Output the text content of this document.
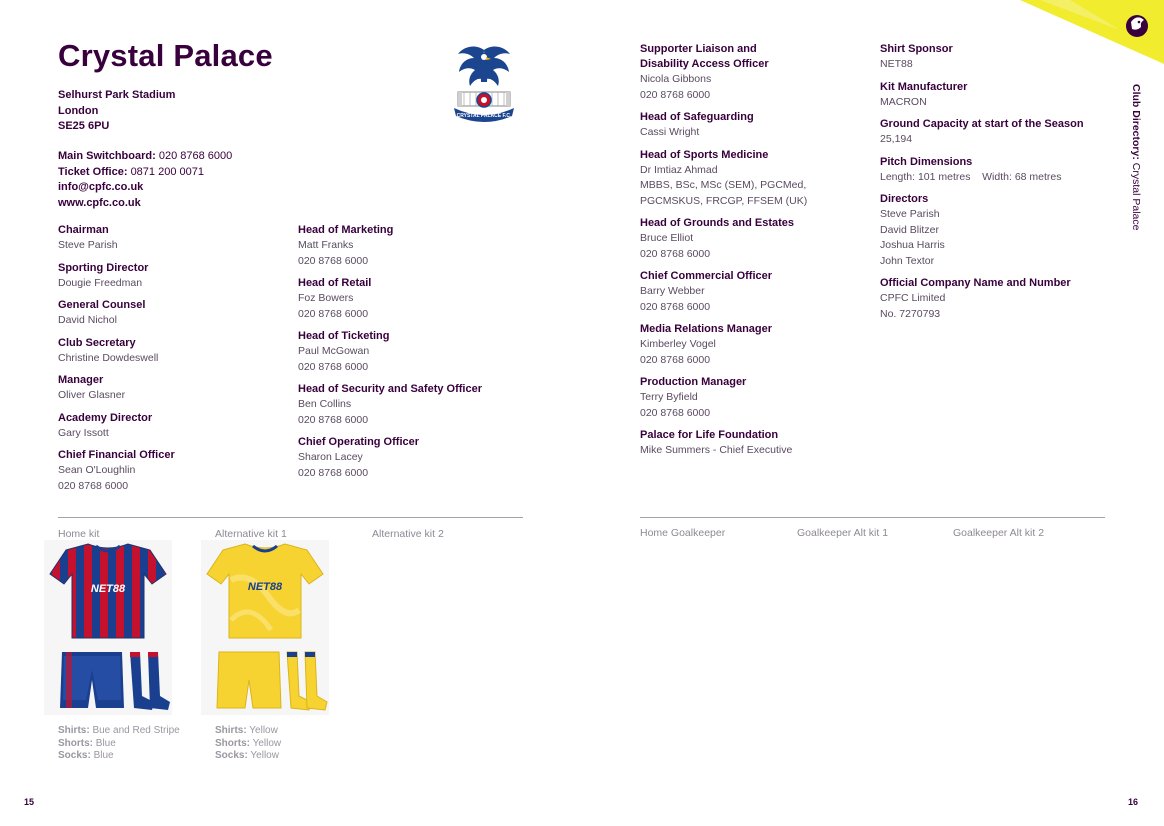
Crystal Palace
Selhurst Park Stadium
London
SE25 6PU
Main Switchboard: 020 8768 6000
Ticket Office: 0871 200 0071
info@cpfc.co.uk
www.cpfc.co.uk
CRYSTAL PALACE F.C.
Chairman
Steve Parish
Sporting Director
Dougie Freedman
General Counsel
David Nichol
Club Secretary
Christine Dowdeswell
Manager
Oliver Glasner
Academy Director
Gary Issott
Chief Financial Officer
Sean O'Loughlin
020 8768 6000
Head of Marketing
Matt Franks
020 8768 6000
Head of Retail
Foz Bowers
020 8768 6000
Head of Ticketing
Paul McGowan
020 8768 6000
Head of Security and Safety Officer
Ben Collins
020 8768 6000
Chief Operating Officer
Sharon Lacey
020 8768 6000
Supporter Liaison and
Disability Access Officer
Nicola Gibbons
020 8768 6000
Head of Safeguarding
Cassi Wright
Head of Sports Medicine
Dr Imtiaz Ahmad
MBBS, BSc, MSc (SEM), PGCMed,
PGCMSKUS, FRCGP, FFSEM (UK)
Head of Grounds and Estates
Bruce Elliot
020 8768 6000
Chief Commercial Officer
Barry Webber
020 8768 6000
Media Relations Manager
Kimberley Vogel
020 8768 6000
Production Manager
Terry Byfield
020 8768 6000
Palace for Life Foundation
Mike Summers - Chief Executive
Shirt Sponsor
NET88
Kit Manufacturer
MACRON
Ground Capacity at start of the Season
25,194
Pitch Dimensions
Length: 101 metres    Width: 68 metres
Directors
Steve Parish
David Blitzer
Joshua Harris
John Textor
Official Company Name and Number
CPFC Limited
No. 7270793
Club Directory: Crystal Palace
Home kit	Alternative kit 1	Alternative kit 2	Home Goalkeeper	Goalkeeper Alt kit 1	Goalkeeper Alt kit 2
NET88	NET88
Shirts: Bue and Red Stripe
Shorts: Blue
Socks: Blue
Shirts: Yellow
Shorts: Yellow
Socks: Yellow
15	16
